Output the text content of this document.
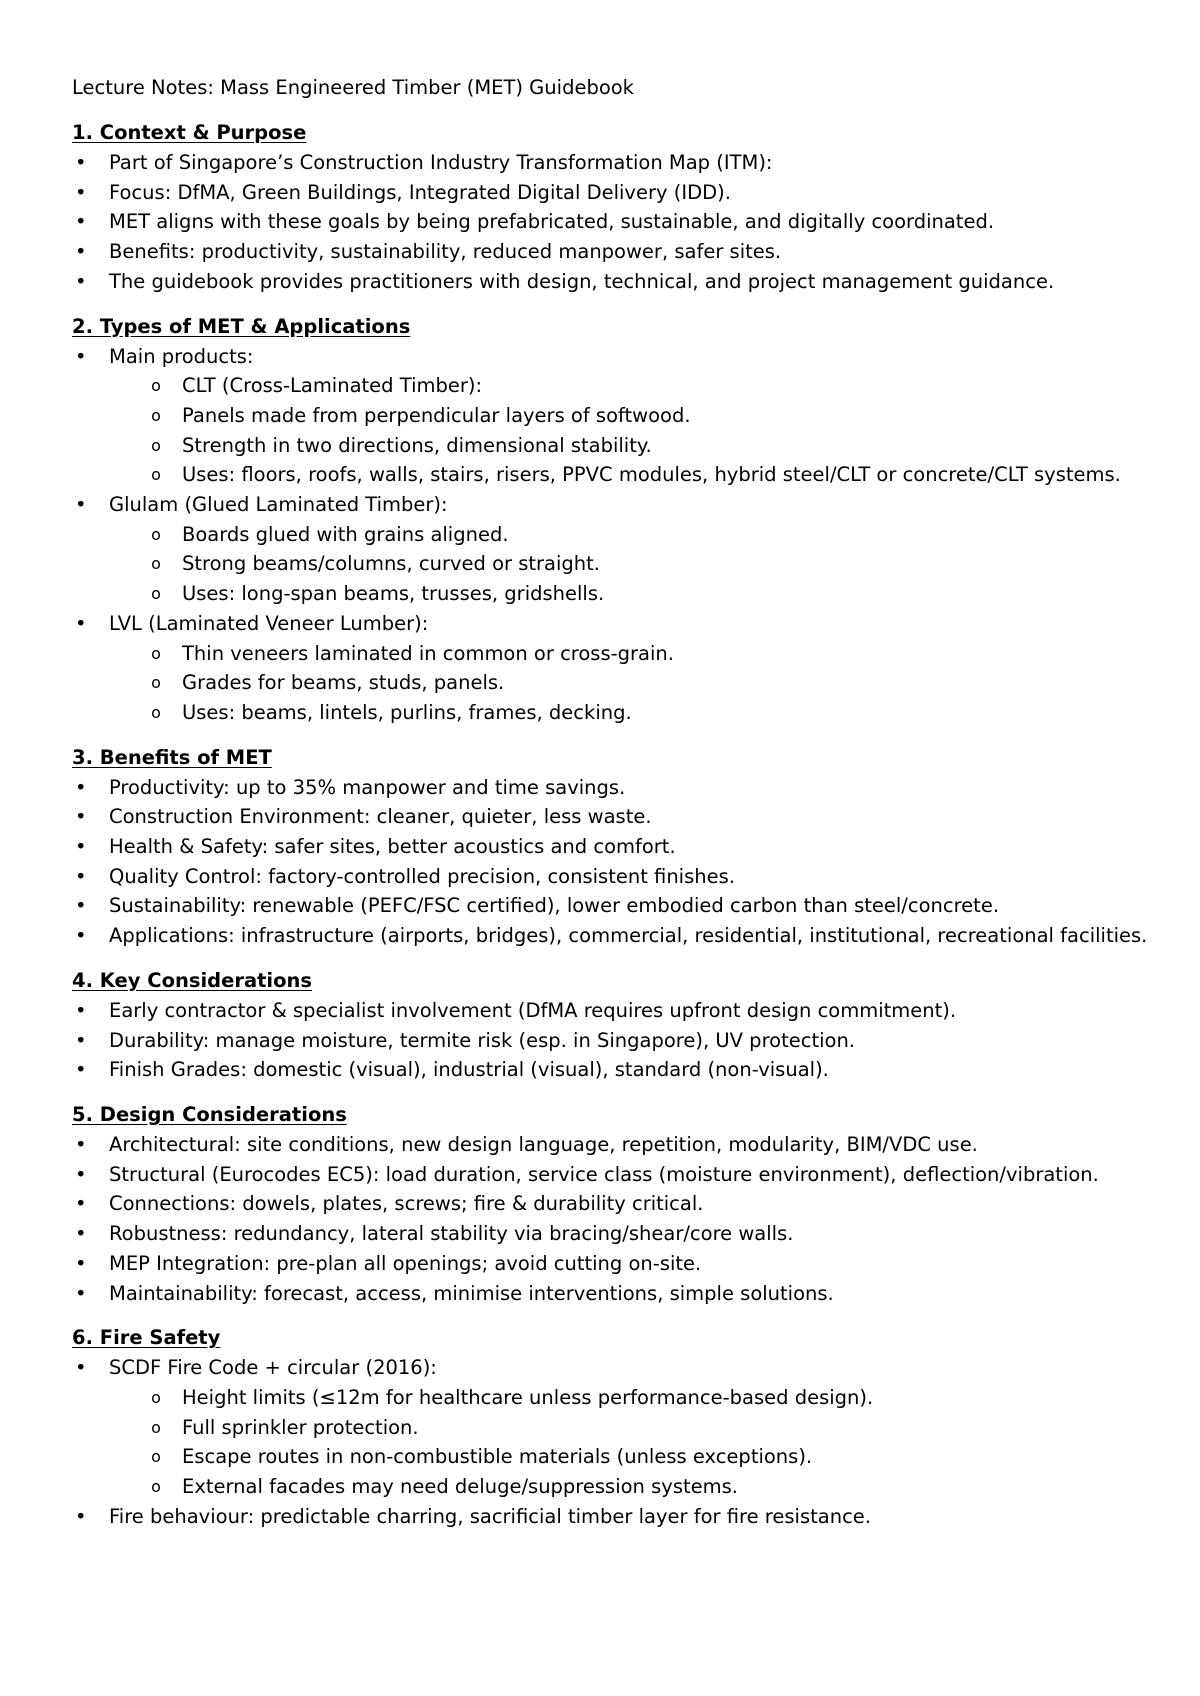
Lecture Notes: Mass Engineered Timber (MET) Guidebook
1. Context & Purpose
• Part of Singapore’s Construction Industry Transformation Map (ITM):
• Focus: DfMA, Green Buildings, Integrated Digital Delivery (IDD).
• MET aligns with these goals by being prefabricated, sustainable, and digitally coordinated.
• Benefits: productivity, sustainability, reduced manpower, safer sites.
• The guidebook provides practitioners with design, technical, and project management guidance.
2. Types of MET & Applications
• Main products:
o CLT (Cross-Laminated Timber):
o Panels made from perpendicular layers of softwood.
o Strength in two directions, dimensional stability.
o Uses: floors, roofs, walls, stairs, risers, PPVC modules, hybrid steel/CLT or concrete/CLT systems.
• Glulam (Glued Laminated Timber):
o Boards glued with grains aligned.
o Strong beams/columns, curved or straight.
o Uses: long-span beams, trusses, gridshells.
• LVL (Laminated Veneer Lumber):
o Thin veneers laminated in common or cross-grain.
o Grades for beams, studs, panels.
o Uses: beams, lintels, purlins, frames, decking.
3. Benefits of MET
• Productivity: up to 35% manpower and time savings.
• Construction Environment: cleaner, quieter, less waste.
• Health & Safety: safer sites, better acoustics and comfort.
• Quality Control: factory-controlled precision, consistent finishes.
• Sustainability: renewable (PEFC/FSC certified), lower embodied carbon than steel/concrete.
• Applications: infrastructure (airports, bridges), commercial, residential, institutional, recreational facilities.
4. Key Considerations
• Early contractor & specialist involvement (DfMA requires upfront design commitment).
• Durability: manage moisture, termite risk (esp. in Singapore), UV protection.
• Finish Grades: domestic (visual), industrial (visual), standard (non-visual).
5. Design Considerations
• Architectural: site conditions, new design language, repetition, modularity, BIM/VDC use.
• Structural (Eurocodes EC5): load duration, service class (moisture environment), deflection/vibration.
• Connections: dowels, plates, screws; fire & durability critical.
• Robustness: redundancy, lateral stability via bracing/shear/core walls.
• MEP Integration: pre-plan all openings; avoid cutting on-site.
• Maintainability: forecast, access, minimise interventions, simple solutions.
6. Fire Safety
• SCDF Fire Code + circular (2016):
o Height limits (≤12m for healthcare unless performance-based design).
o Full sprinkler protection.
o Escape routes in non-combustible materials (unless exceptions).
o External facades may need deluge/suppression systems.
• Fire behaviour: predictable charring, sacrificial timber layer for fire resistance.
